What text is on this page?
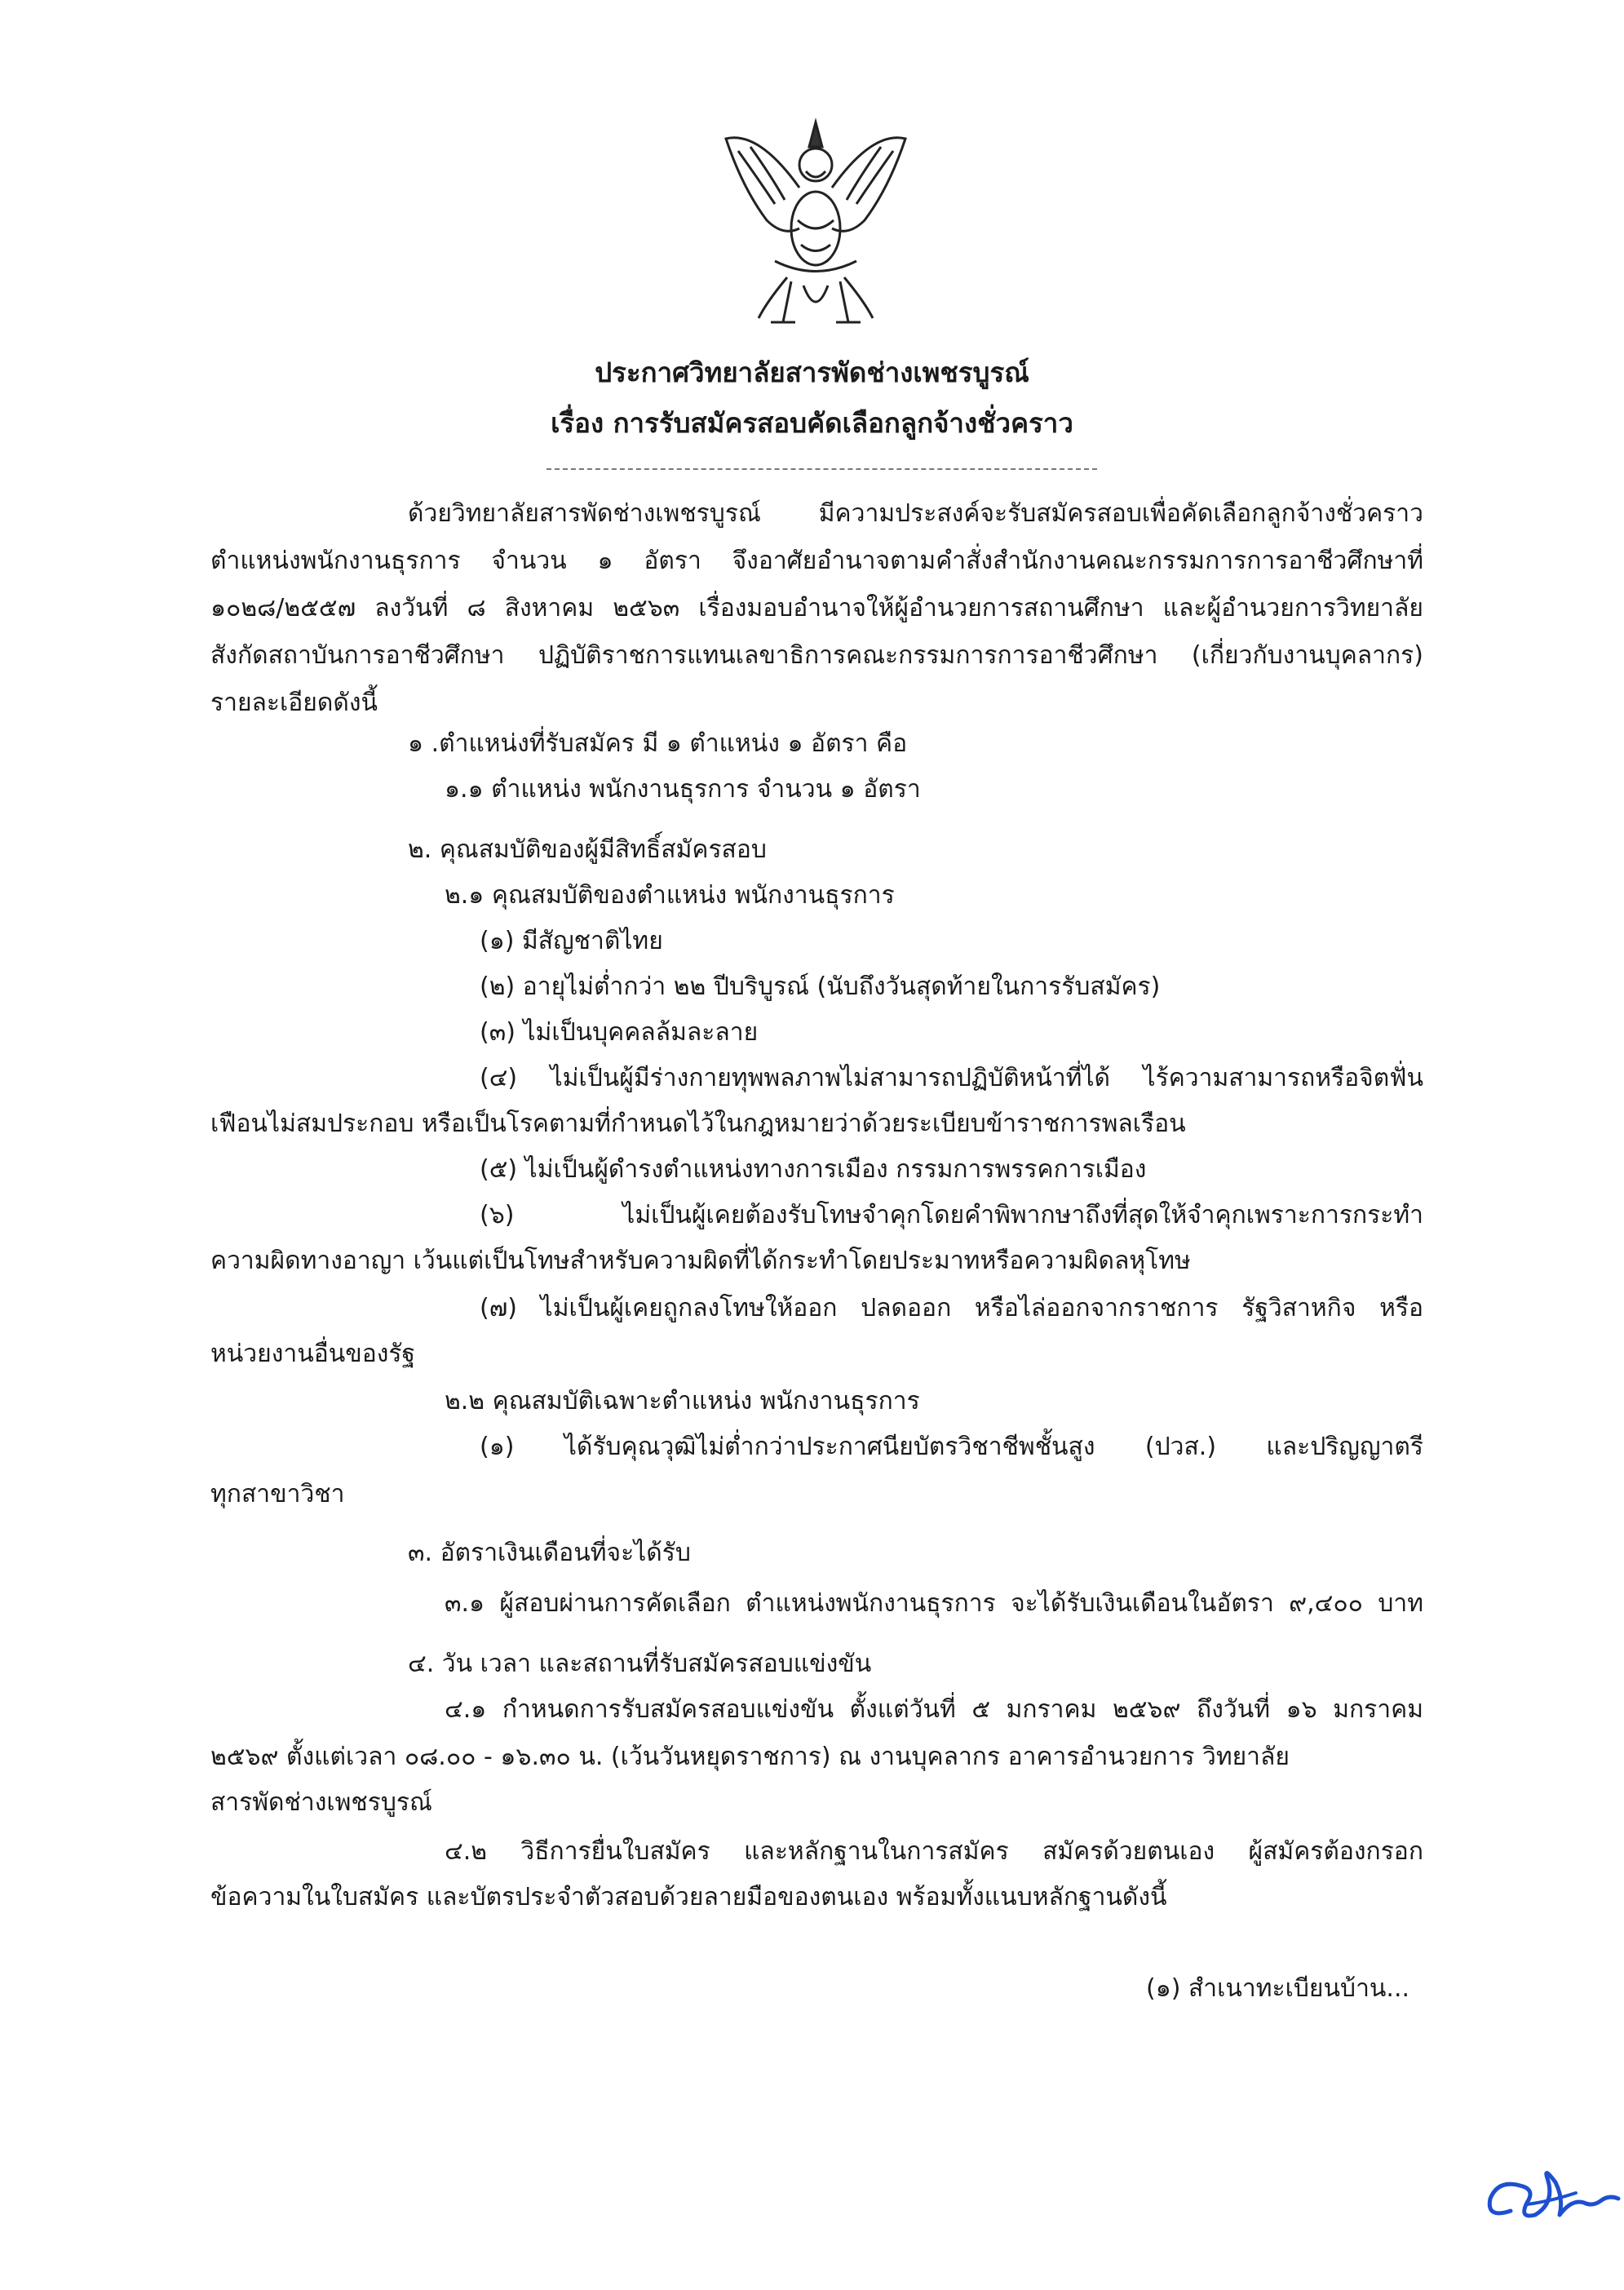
ประกาศวิทยาลัยสารพัดช่างเพชรบูรณ์
เรื่อง การรับสมัครสอบคัดเลือกลูกจ้างชั่วคราว

ด้วยวิทยาลัยสารพัดช่างเพชรบูรณ์ มีความประสงค์จะรับสมัครสอบเพื่อคัดเลือกลูกจ้างชั่วคราว

ตำแหน่งพนักงานธุรการ จำนวน ๑ อัตรา จึงอาศัยอำนาจตามคำสั่งสำนักงานคณะกรรมการการอาชีวศึกษาที่

๑๐๒๘/๒๕๕๗ ลงวันที่ ๘ สิงหาคม ๒๕๖๓ เรื่องมอบอำนาจให้ผู้อำนวยการสถานศึกษา และผู้อำนวยการวิทยาลัย

สังกัดสถาบันการอาชีวศึกษา ปฏิบัติราชการแทนเลขาธิการคณะกรรมการการอาชีวศึกษา (เกี่ยวกับงานบุคลากร)

รายละเอียดดังนี้

๑ .ตำแหน่งที่รับสมัคร มี ๑ ตำแหน่ง ๑ อัตรา คือ

๑.๑ ตำแหน่ง พนักงานธุรการ จำนวน ๑ อัตรา

๒. คุณสมบัติของผู้มีสิทธิ์สมัครสอบ

๒.๑ คุณสมบัติของตำแหน่ง พนักงานธุรการ

(๑) มีสัญชาติไทย

(๒) อายุไม่ต่ำกว่า ๒๒ ปีบริบูรณ์ (นับถึงวันสุดท้ายในการรับสมัคร)

(๓) ไม่เป็นบุคคลล้มละลาย

(๔) ไม่เป็นผู้มีร่างกายทุพพลภาพไม่สามารถปฏิบัติหน้าที่ได้ ไร้ความสามารถหรือจิตฟั่น

เฟือนไม่สมประกอบ หรือเป็นโรคตามที่กำหนดไว้ในกฎหมายว่าด้วยระเบียบข้าราชการพลเรือน

(๕) ไม่เป็นผู้ดำรงตำแหน่งทางการเมือง กรรมการพรรคการเมือง

(๖) ไม่เป็นผู้เคยต้องรับโทษจำคุกโดยคำพิพากษาถึงที่สุดให้จำคุกเพราะการกระทำ

ความผิดทางอาญา เว้นแต่เป็นโทษสำหรับความผิดที่ได้กระทำโดยประมาทหรือความผิดลหุโทษ

(๗) ไม่เป็นผู้เคยถูกลงโทษให้ออก ปลดออก หรือไล่ออกจากราชการ รัฐวิสาหกิจ หรือ

หน่วยงานอื่นของรัฐ

๒.๒ คุณสมบัติเฉพาะตำแหน่ง พนักงานธุรการ

(๑) ได้รับคุณวุฒิไม่ต่ำกว่าประกาศนียบัตรวิชาชีพชั้นสูง (ปวส.) และปริญญาตรี

ทุกสาขาวิชา

๓. อัตราเงินเดือนที่จะได้รับ

๓.๑ ผู้สอบผ่านการคัดเลือก ตำแหน่งพนักงานธุรการ จะได้รับเงินเดือนในอัตรา ๙,๔๐๐ บาท

๔. วัน เวลา และสถานที่รับสมัครสอบแข่งขัน

๔.๑ กำหนดการรับสมัครสอบแข่งขัน ตั้งแต่วันที่ ๕ มกราคม ๒๕๖๙ ถึงวันที่ ๑๖ มกราคม

๒๕๖๙ ตั้งแต่เวลา ๐๘.๐๐ - ๑๖.๓๐ น. (เว้นวันหยุดราชการ) ณ งานบุคลากร อาคารอำนวยการ วิทยาลัย

สารพัดช่างเพชรบูรณ์

๔.๒ วิธีการยื่นใบสมัคร และหลักฐานในการสมัคร สมัครด้วยตนเอง ผู้สมัครต้องกรอก

ข้อความในใบสมัคร และบัตรประจำตัวสอบด้วยลายมือของตนเอง พร้อมทั้งแนบหลักฐานดังนี้

(๑) สำเนาทะเบียนบ้าน...
